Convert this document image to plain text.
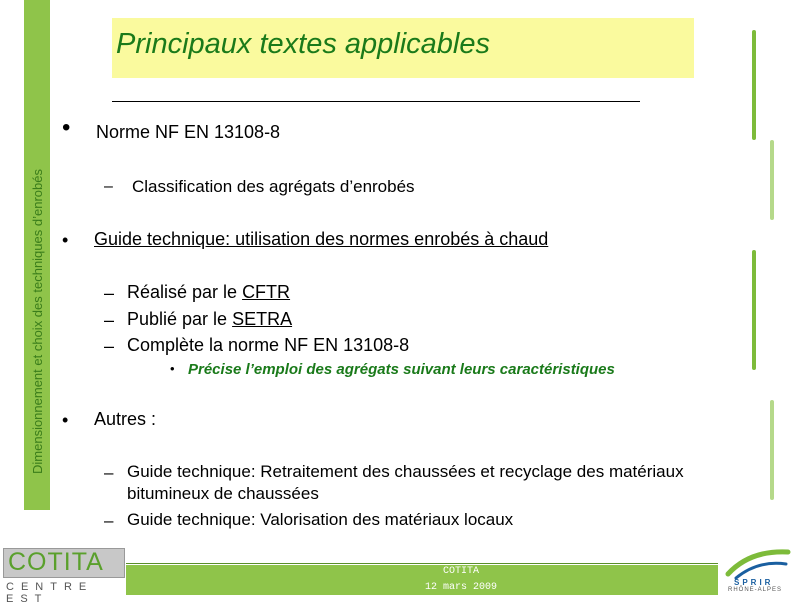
Dimensionnement et choix des techniques d’enrobés
Principaux textes applicables
• Norme NF EN 13108-8
– Classification des agrégats d’enrobés
• Guide technique: utilisation des normes enrobés à chaud
– Réalisé par le CFTR
– Publié par le SETRA
– Complète la norme NF EN 13108-8
• Précise l’emploi des agrégats suivant leurs caractéristiques
• Autres :
– Guide technique: Retraitement des chaussées et recyclage des matériaux
bitumineux de chaussées
– Guide technique: Valorisation des matériaux locaux
COTITA
CENTRE EST
COTITA
12 mars 2009	SPRIR
RHÔNE-ALPES
